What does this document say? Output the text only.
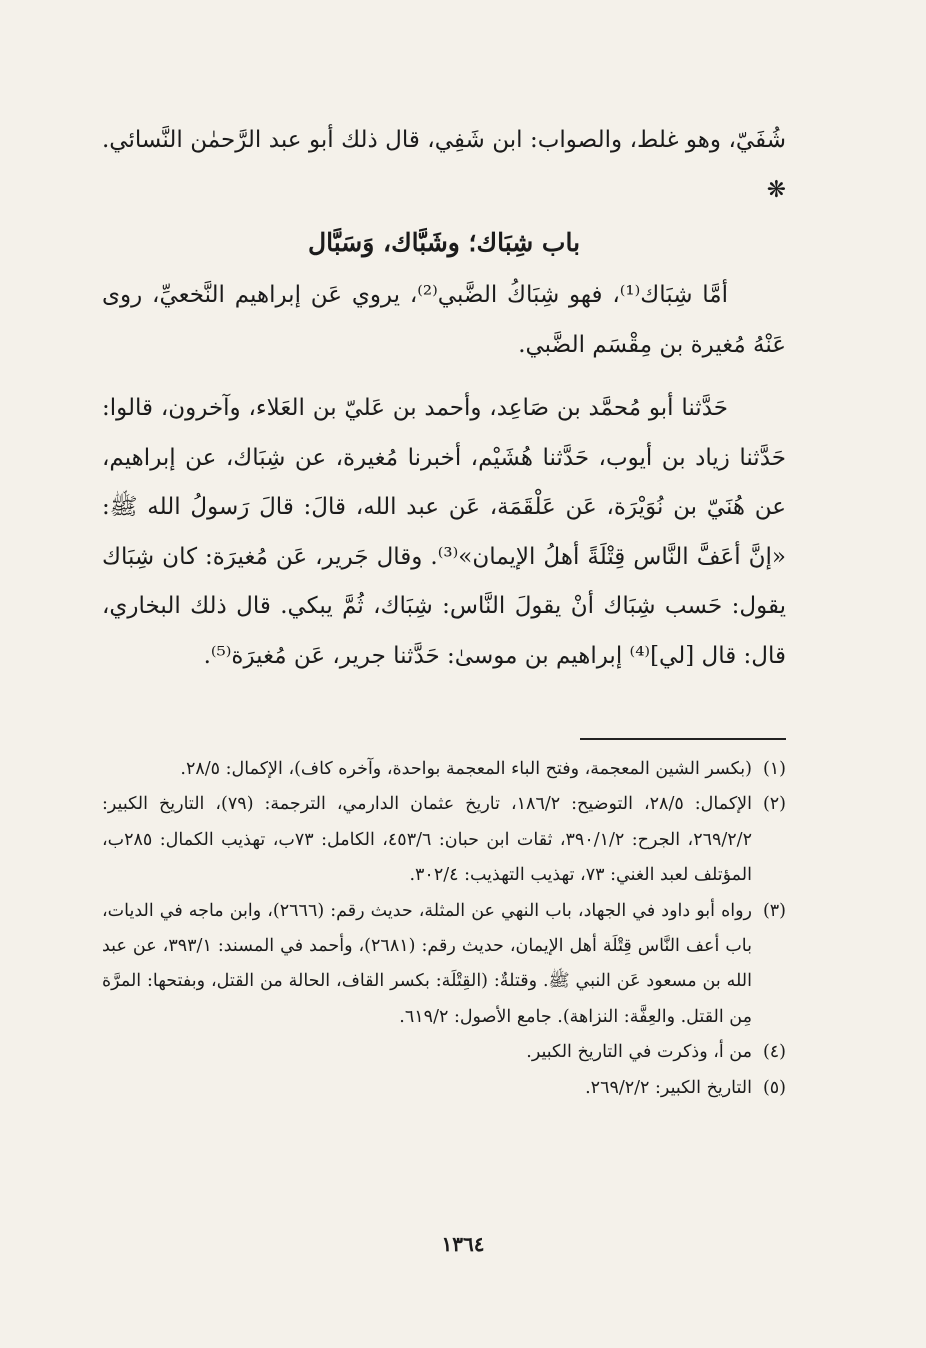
شُفَيّ، وهو غلط، والصواب: ابن شَفِي، قال ذلك أبو عبد الرَّحمٰن النَّسائي. ❋

باب شِبَاك؛ وشَبَّاك، وَسَبَّال

أمَّا شِبَاك⁽¹⁾، فهو شِبَاكُ الضَّبي⁽²⁾، يروي عَن إبراهيم النَّخعيِّ، روى عَنْهُ مُغيرة بن مِقْسَم الضَّبي.

حَدَّثنا أبو مُحمَّد بن صَاعِد، وأحمد بن عَليّ بن العَلاء، وآخرون، قالوا: حَدَّثنا زياد بن أيوب، حَدَّثنا هُشَيْم، أخبرنا مُغيرة، عن شِبَاك، عن إبراهيم، عن هُنَيّ بن نُوَيْرَة، عَن عَلْقَمَة، عَن عبد الله، قالَ: قالَ رَسولُ الله ﷺ: «إنَّ أعَفَّ النَّاس قِتْلَةً أهلُ الإيمان»⁽³⁾. وقال جَرير، عَن مُغيرَة: كان شِبَاك يقول: حَسب شِبَاك أنْ يقولَ النَّاس: شِبَاك، ثُمَّ يبكي. قال ذلك البخاري، قال: قال [لي]⁽⁴⁾ إبراهيم بن موسىٰ: حَدَّثنا جرير، عَن مُغيرَة⁽⁵⁾.

(١)
(بكسر الشين المعجمة، وفتح الباء المعجمة بواحدة، وآخره كاف)، الإكمال: ٢٨/٥.
(٢)
الإكمال: ٢٨/٥، التوضيح: ١٨٦/٢، تاريخ عثمان الدارمي، الترجمة: (٧٩)، التاريخ الكبير: ٢٦٩/٢/٢، الجرح: ٣٩٠/١/٢، ثقات ابن حبان: ٤٥٣/٦، الكامل: ٧٣ب، تهذيب الكمال: ٢٨٥ب، المؤتلف لعبد الغني: ٧٣، تهذيب التهذيب: ٣٠٢/٤.
(٣)
رواه أبو داود في الجهاد، باب النهي عن المثلة، حديث رقم: (٢٦٦٦)، وابن ماجه في الديات، باب أعف النَّاس قِتْلَة أهل الإيمان، حديث رقم: (٢٦٨١)، وأحمد في المسند: ٣٩٣/١، عن عبد الله بن مسعود عَن النبي ﷺ. وقتلةٌ: (القِتْلَة: بكسر القاف، الحالة من القتل، وبفتحها: المرَّة مِن القتل. والعِفَّة: النزاهة). جامع الأصول: ٦١٩/٢.
(٤)
من أ، وذكرت في التاريخ الكبير.
(٥)
التاريخ الكبير: ٢٦٩/٢/٢.
١٣٦٤
